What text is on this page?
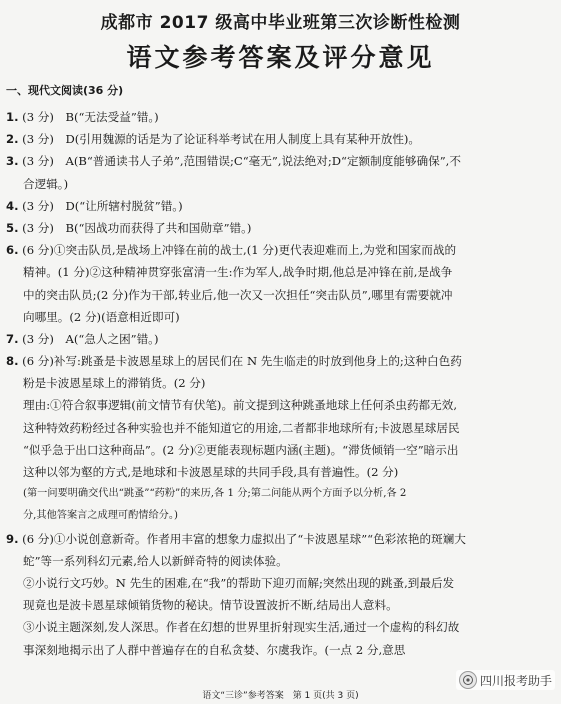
成都市 2017 级高中毕业班第三次诊断性检测
语文参考答案及评分意见
一、现代文阅读(36 分)
1. (3 分)　B(“无法受益”错。)
2. (3 分)　D(引用魏源的话是为了论证科举考试在用人制度上具有某种开放性)。
3. (3 分)　A(B“普通读书人子弟”,范围错误;C“毫无”,说法绝对;D“定额制度能够确保”,不
合逻辑。)
4. (3 分)　D(“让所辖村脱贫”错。)
5. (3 分)　B(“因战功而获得了共和国勋章”错。)
6. (6 分)①突击队员,是战场上冲锋在前的战士,(1 分)更代表迎难而上,为党和国家而战的
精神。(1 分)②这种精神贯穿张富清一生:作为军人,战争时期,他总是冲锋在前,是战争
中的突击队员;(2 分)作为干部,转业后,他一次又一次担任“突击队员”,哪里有需要就冲
向哪里。(2 分)(语意相近即可)
7. (3 分)　A(“急人之困”错。)
8. (6 分)补写:跳蚤是卡波恩星球上的居民们在 N 先生临走的时放到他身上的;这种白色药
粉是卡波恩星球上的滞销货。(2 分)
理由:①符合叙事逻辑(前文情节有伏笔)。前文提到这种跳蚤地球上任何杀虫药都无效,
这种特效药粉经过各种实验也并不能知道它的用途,二者都非地球所有;卡波恩星球居民
“似乎急于出口这种商品”。(2 分)②更能表现标题内涵(主题)。“滞货倾销一空”暗示出
这种以邻为壑的方式,是地球和卡波恩星球的共同手段,具有普遍性。(2 分)
(第一问要明确交代出“跳蚤”“药粉”的来历,各 1 分;第二问能从两个方面予以分析,各 2
分,其他答案言之成理可酌情给分。)
9. (6 分)①小说创意新奇。作者用丰富的想象力虚拟出了“卡波恩星球”“色彩浓艳的斑斓大
蛇”等一系列科幻元素,给人以新鲜奇特的阅读体验。
②小说行文巧妙。N 先生的困难,在“我”的帮助下迎刃而解;突然出现的跳蚤,到最后发
现竟也是波卡恩星球倾销货物的秘诀。情节设置波折不断,结局出人意料。
③小说主题深刻,发人深思。作者在幻想的世界里折射现实生活,通过一个虚构的科幻故
事深刻地揭示出了人群中普遍存在的自私贪婪、尔虞我诈。(一点 2 分,意思
语文“三诊”参考答案　第 1 页(共 3 页)
四川报考助手
